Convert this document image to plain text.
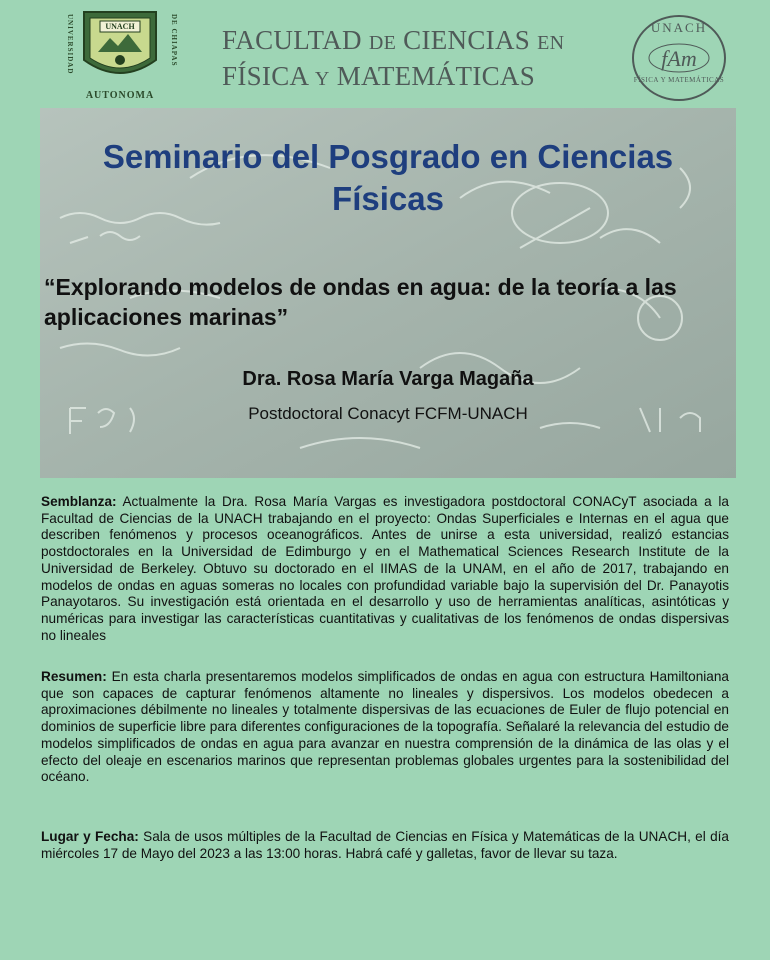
UNIVERSIDAD	UNACH	DE CHIAPAS
AUTONOMA
FACULTAD DE CIENCIAS EN
FÍSICA Y MATEMÁTICAS
UNACH
fAm
FÍSICA Y MATEMÁTICAS
Seminario del Posgrado en Ciencias
Físicas
“Explorando modelos de ondas en agua: de la teoría a las
aplicaciones marinas”
Dra. Rosa María Varga Magaña
Postdoctoral Conacyt FCFM-UNACH
Semblanza: Actualmente la Dra. Rosa María Vargas es investigadora postdoctoral CONACyT asociada a la Facultad de Ciencias de la UNACH trabajando en el proyecto: Ondas Superficiales e Internas en el agua que describen fenómenos y procesos oceanográficos. Antes de unirse a esta universidad, realizó estancias postdoctorales en la Universidad de Edimburgo y en el Mathematical Sciences Research Institute de la Universidad de Berkeley. Obtuvo su doctorado en el IIMAS de la UNAM, en el año de 2017, trabajando en modelos de ondas en aguas someras no locales con profundidad variable bajo la supervisión del Dr. Panayotis Panayotaros. Su investigación está orientada en el desarrollo y uso de herramientas analíticas, asintóticas y numéricas para investigar las características cuantitativas y cualitativas de los fenómenos de ondas dispersivas no lineales
Resumen: En esta charla presentaremos modelos simplificados de ondas en agua con estructura Hamiltoniana que son capaces de capturar fenómenos altamente no lineales y dispersivos. Los modelos obedecen a aproximaciones débilmente no lineales y totalmente dispersivas de las ecuaciones de Euler de flujo potencial en dominios de superficie libre para diferentes configuraciones de la topografía. Señalaré la relevancia del estudio de modelos simplificados de ondas en agua para avanzar en nuestra comprensión de la dinámica de las olas y el efecto del oleaje en escenarios marinos que representan problemas globales urgentes para la sostenibilidad del océano.
Lugar y Fecha: Sala de usos múltiples de la Facultad de Ciencias en Física y Matemáticas de la UNACH, el día miércoles 17 de Mayo del 2023 a las 13:00 horas. Habrá café y galletas, favor de llevar su taza.
